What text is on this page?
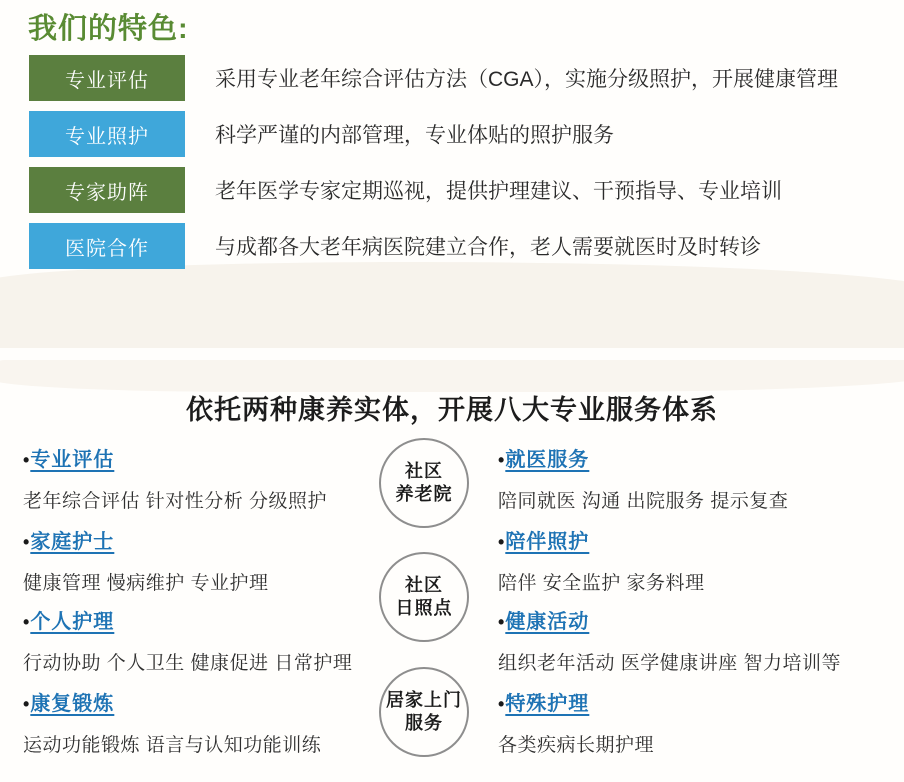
我们的特色:
专业评估	采用专业老年综合评估方法（CGA），实施分级照护，开展健康管理
专业照护	科学严谨的内部管理，专业体贴的照护服务
专家助阵	老年医学专家定期巡视，提供护理建议、干预指导、专业培训
医院合作	与成都各大老年病医院建立合作，老人需要就医时及时转诊
依托两种康养实体，开展八大专业服务体系
•专业评估
老年综合评估 针对性分析 分级照护
•家庭护士
健康管理 慢病维护 专业护理
•个人护理
行动协助 个人卫生 健康促进 日常护理
•康复锻炼
运动功能锻炼 语言与认知功能训练
社区
养老院
社区
日照点
居家上门
服务
•就医服务
陪同就医 沟通 出院服务 提示复查
•陪伴照护
陪伴 安全监护 家务料理
•健康活动
组织老年活动 医学健康讲座 智力培训等
•特殊护理
各类疾病长期护理
